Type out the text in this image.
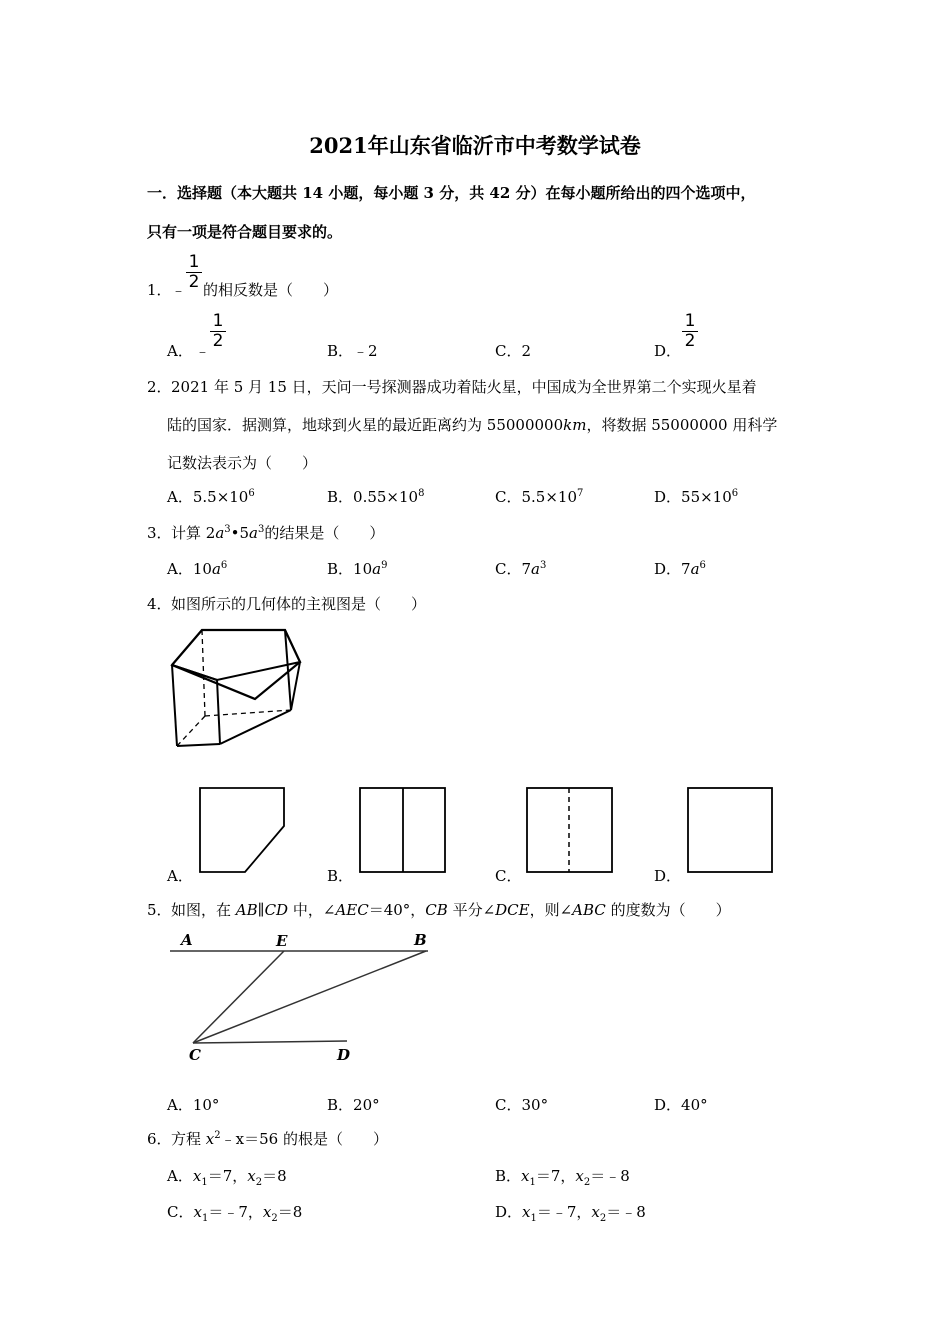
2021年山东省临沂市中考数学试卷
一．选择题（本大题共 14 小题，每小题 3 分，共 42 分）在每小题所给出的四个选项中，
只有一项是符合题目要求的。
1． ﹣
1
2 的相反数是（　　）
A． ﹣
1
2	B．﹣2	C．2	D．
1
2
2． 2021 年 5 月 15 日，天问一号探测器成功着陆火星，中国成为全世界第二个实现火星着
陆的国家．据测算，地球到火星的最近距离约为 55000000km，将数据 55000000 用科学
记数法表示为（　　）
A．$5.5\times 10^6$	B．$0.55\times 10^8$	C．$5.5\times 10^7$	D．$55\times 10^6$
3． 计算 $2a^3•5a^3$的结果是（　　）
A．$10a^6$	B．$10a^9$	C．$7a^3$	D．$7a^6$
4． 如图所示的几何体的主视图是（　　）
A．	B．	C．	D．
5． 如图，在 AB∥CD 中，∠AEC＝40°，CB 平分∠DCE，则∠ABC 的度数为（　　）
A	E	B
C	D
A．10°	B．20°	C．30°	D．40°
6． 方程 $x^2﹣x=56$ 的根是（　　）
A．$x_1=7$，$x_2=8$	B．$x_1=7$，$x_2=﹣8$
C．$x_1=﹣7$，$x_2=8$	D．$x_1=﹣7$，$x_2=﹣8$
